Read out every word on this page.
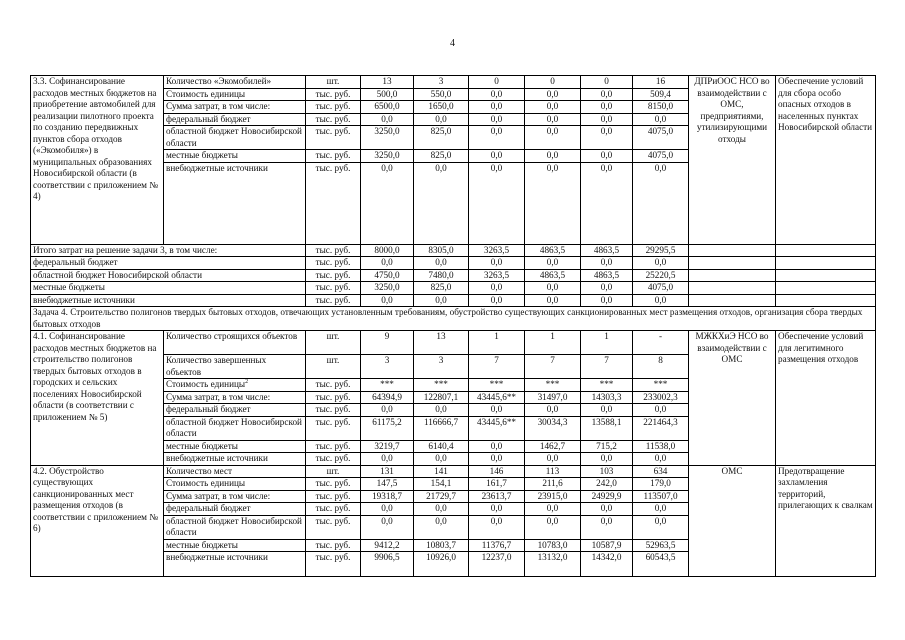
4
3.3. Софинансирование расходов местных бюджетов на приобретение автомобилей для реализации пилотного проекта по созданию передвижных пунктов сбора отходов («Экомобиля») в муниципальных образованиях Новосибирской области (в соответствии с приложением № 4)	Количество «Экомобилей»	шт.	13	3	0	0	0	16	ДПРиООС НСО во взаимодействии с ОМС, предприятиями, утилизирующими отходы	Обеспечение условий для сбора особо опасных отходов в населенных пунктах Новосибирской области
	Стоимость единицы	тыс. руб.	500,0	550,0	0,0	0,0	0,0	509,4		
	Сумма затрат, в том числе:	тыс. руб.	6500,0	1650,0	0,0	0,0	0,0	8150,0		
	федеральный бюджет	тыс. руб.	0,0	0,0	0,0	0,0	0,0	0,0		
	областной бюджет Новосибирской области	тыс. руб.	3250,0	825,0	0,0	0,0	0,0	4075,0		
	местные бюджеты	тыс. руб.	3250,0	825,0	0,0	0,0	0,0	4075,0		
	внебюджетные источники	тыс. руб.	0,0	0,0	0,0	0,0	0,0	0,0		
Итого затрат на решение задачи 3, в том числе:		тыс. руб.	8000,0	8305,0	3263,5	4863,5	4863,5	29295,5		
федеральный бюджет		тыс. руб.	0,0	0,0	0,0	0,0	0,0	0,0		
областной бюджет Новосибирской области		тыс. руб.	4750,0	7480,0	3263,5	4863,5	4863,5	25220,5		
местные бюджеты		тыс. руб.	3250,0	825,0	0,0	0,0	0,0	4075,0		
внебюджетные источники		тыс. руб.	0,0	0,0	0,0	0,0	0,0	0,0		
Задача 4. Строительство полигонов твердых бытовых отходов, отвечающих установленным требованиям, обустройство существующих санкционированных мест размещения отходов, организация сбора твердых бытовых отходов										
4.1. Софинансирование расходов местных бюджетов на строительство полигонов твердых бытовых отходов в городских и сельских поселениях Новосибирской области (в соответствии с приложением № 5)	Количество строящихся объектов	шт.	9	13	1	1	1	-	МЖКХиЭ НСО во взаимодействии с ОМС	Обеспечение условий для легитимного размещения отходов
	Количество завершенных объектов	шт.	3	3	7	7	7	8		
	Стоимость единицы$^2$	тыс. руб.	***	***	***	***	***	***		
	Сумма затрат, в том числе:	тыс. руб.	64394,9	122807,1	43445,6**	31497,0	14303,3	233002,3		
	федеральный бюджет	тыс. руб.	0,0	0,0	0,0	0,0	0,0	0,0		
	областной бюджет Новосибирской области	тыс. руб.	61175,2	116666,7	43445,6**	30034,3	13588,1	221464,3		
	местные бюджеты	тыс. руб.	3219,7	6140,4	0,0	1462,7	715,2	11538,0		
	внебюджетные источники	тыс. руб.	0,0	0,0	0,0	0,0	0,0	0,0		
4.2. Обустройство существующих санкционированных мест размещения отходов (в соответствии с приложением № 6)	Количество мест	шт.	131	141	146	113	103	634	ОМС	Предотвращение захламления территорий, прилегающих к свалкам
	Стоимость единицы	тыс. руб.	147,5	154,1	161,7	211,6	242,0	179,0		
	Сумма затрат, в том числе:	тыс. руб.	19318,7	21729,7	23613,7	23915,0	24929,9	113507,0		
	федеральный бюджет	тыс. руб.	0,0	0,0	0,0	0,0	0,0	0,0		
	областной бюджет Новосибирской области	тыс. руб.	0,0	0,0	0,0	0,0	0,0	0,0		
	местные бюджеты	тыс. руб.	9412,2	10803,7	11376,7	10783,0	10587,9	52963,5		
	внебюджетные источники	тыс. руб.	9906,5	10926,0	12237,0	13132,0	14342,0	60543,5		
